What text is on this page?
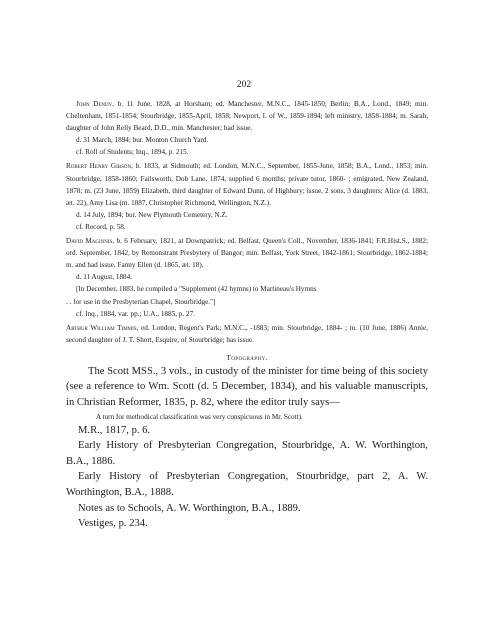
202

John Dendy, b. 11 June, 1828, at Horsham; ed. Manchester, M.N.C., 1845-1850; Berlin; B.A., Lond., 1849; min. Cheltenham, 1851-1854; Stourbridge, 1855-April, 1858; Newport, I. of W., 1859-1894; left ministry, 1858-1884; m. Sarah, daughter of John Relly Beard, D.D., min. Manchester; had issue.

d. 31 March, 1894; bur. Monton Church Yard.

cf. Roll of Students; Inq., 1894, p. 215.

Robert Henry Gibson, b. 1833, at Sidmouth; ed. London, M.N.C., September, 1855-June, 1858; B.A., Lond., 1853; min. Stourbridge, 1858-1860; Failsworth, Dob Lane, 1874, supplied 6 months; private tutor, 1860- ; emigrated, New Zealand, 1878; m. (23 June, 1859) Elizabeth, third daughter of Edward Dunn, of Highbury; issue, 2 sons, 3 daughters; Alice (d. 1883, æt. 22), Amy Lisa (m. 1887, Christopher Richmond, Wellington, N.Z.).

d. 14 July, 1894; bur. New Plymouth Cemetery, N.Z.

cf. Record, p. 58.

David Maginnis, b. 6 February, 1821, at Downpatrick; ed. Belfast, Queen's Coll., November, 1836-1841; F.R.Hist.S., 1882; ord. September, 1842, by Remonstrant Presbytery of Bangor; min. Belfast, York Street, 1842-1861; Stourbridge, 1862-1884; m. and had issue, Fanny Ellen (d. 1865, æt. 18).

d. 11 August, 1884.

[In December, 1883, he compiled a "Supplement (42 hymns) to Martineau's Hymns

. . for use in the Presbyterian Chapel, Stourbridge."]

cf. Inq., 1884, var. pp.; U.A., 1885, p. 27.

Arthur William Timmis, ed. London, Regent's Park; M.N.C., -1883; min. Stourbridge, 1884- ; m. (10 June, 1886) Annie, second daughter of J. T. Short, Esquire, of Stourbridge; has issue.

Topography.

The Scott MSS., 3 vols., in custody of the minister for time being of this society (see a reference to Wm. Scott (d. 5 December, 1834), and his valuable manuscripts, in Christian Reformer, 1835, p. 82, where the editor truly says—

A turn for methodical classification was very conspicuous in Mr. Scott).

M.R., 1817, p. 6.

Early History of Presbyterian Congregation, Stourbridge, A. W. Worthington, B.A., 1886.

Early History of Presbyterian Congregation, Stourbridge, part 2, A. W. Worthington, B.A., 1888.

Notes as to Schools, A. W. Worthington, B.A., 1889.

Vestiges, p. 234.
